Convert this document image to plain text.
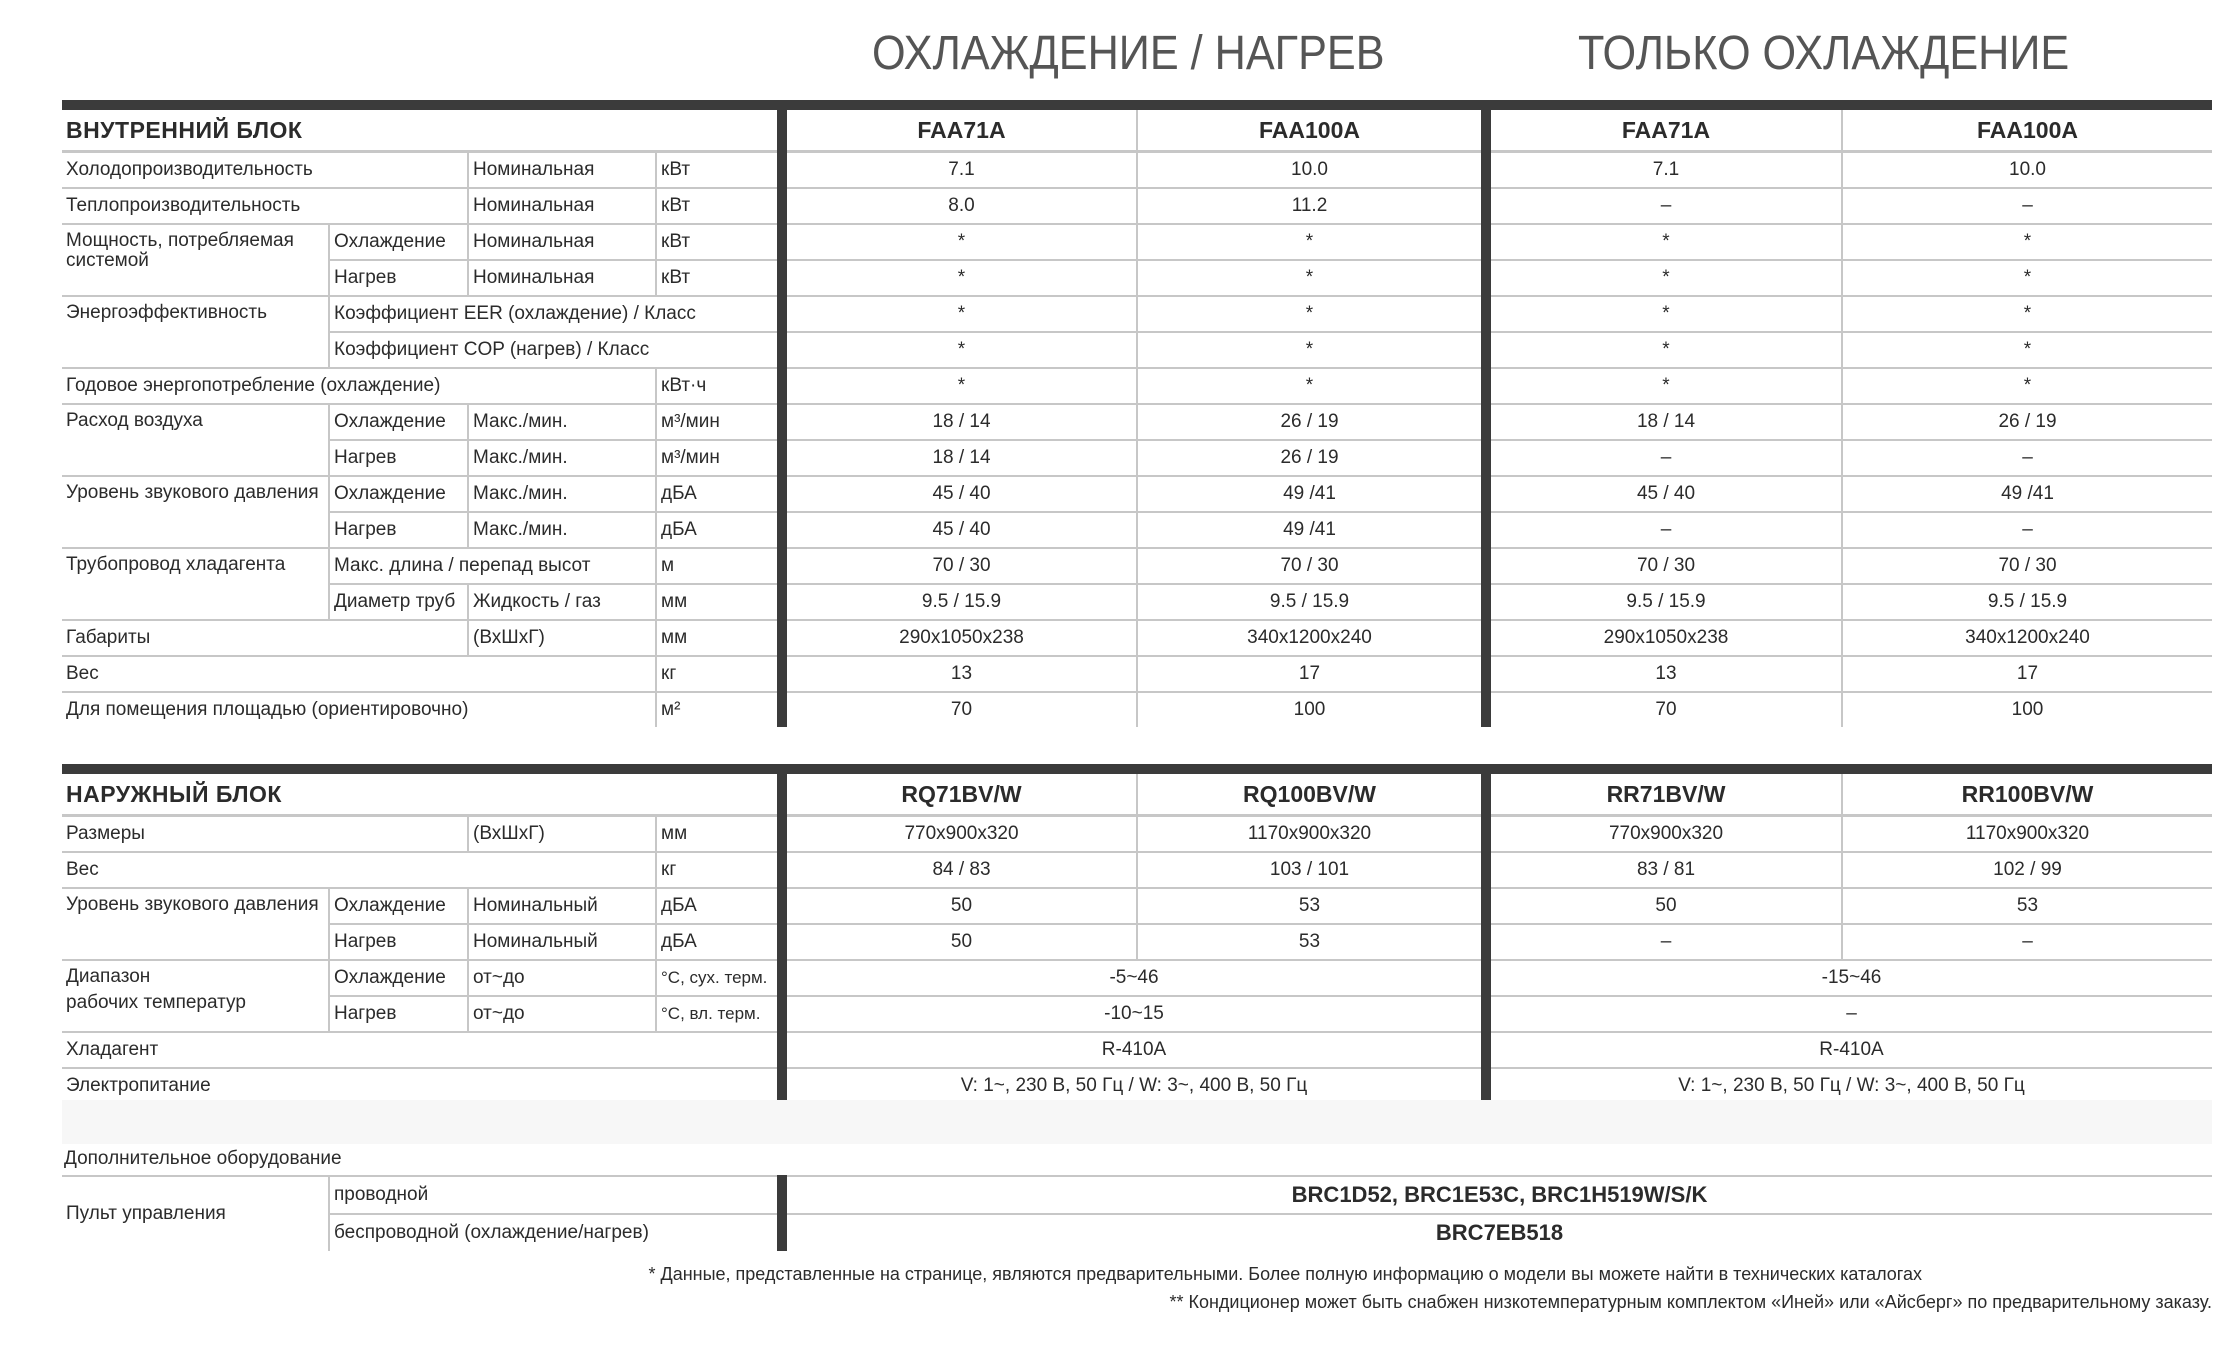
ОХЛАЖДЕНИЕ / НАГРЕВ	ТОЛЬКО ОХЛАЖДЕНИЕ

ВНУТРЕННИЙ БЛОК				FAA71A	FAA100A	FAA71A	FAA100A
Холодопроизводительность		Номинальная	кВт	7.1	10.0	7.1	10.0
Теплопроизводительность		Номинальная	кВт	8.0	11.2	–	–
Мощность, потребляемая системой	Охлаждение	Номинальная	кВт	*	*	*	*
	Нагрев	Номинальная	кВт	*	*	*	*
Энергоэффективность	Коэффициент EER (охлаждение) / Класс			*	*	*	*
	Коэффициент COP (нагрев) / Класс			*	*	*	*
Годовое энергопотребление (охлаждение)			кВт·ч	*	*	*	*
Расход воздуха	Охлаждение	Макс./мин.	м³/мин	18 / 14	26 / 19	18 / 14	26 / 19
	Нагрев	Макс./мин.	м³/мин	18 / 14	26 / 19	–	–
Уровень звукового давления	Охлаждение	Макс./мин.	дБА	45 / 40	49 /41	45 / 40	49 /41
	Нагрев	Макс./мин.	дБА	45 / 40	49 /41	–	–
Трубопровод хладагента	Макс. длина / перепад высот		м	70 / 30	70 / 30	70 / 30	70 / 30
	Диаметр труб	Жидкость / газ	мм	9.5 / 15.9	9.5 / 15.9	9.5 / 15.9	9.5 / 15.9
Габариты		(ВхШхГ)	мм	290x1050x238	340x1200x240	290x1050x238	340x1200x240
Вес			кг	13	17	13	17
Для помещения площадью (ориентировочно)			м²	70	100	70	100

НАРУЖНЫЙ БЛОК				RQ71BV/W	RQ100BV/W	RR71BV/W	RR100BV/W
Размеры		(ВхШхГ)	мм	770x900x320	1170x900x320	770x900x320	1170x900x320
Вес			кг	84 / 83	103 / 101	83 / 81	102 / 99
Уровень звукового давления	Охлаждение	Номинальный	дБА	50	53	50	53
	Нагрев	Номинальный	дБА	50	53	–	–

Диапазон
рабочих температур	Охлаждение	от~до	°С, сух. терм.	-5~46		-15~46	
	Нагрев	от~до	°С, вл. терм.	-10~15		–	
Хладагент				R-410A		R-410A	
Электропитание				V: 1~, 230 В, 50 Гц / W: 3~, 400 В, 50 Гц		V: 1~, 230 В, 50 Гц / W: 3~, 400 В, 50 Гц	
Дополнительное оборудование

Пульт управления	проводной	BRC1D52, BRC1E53C, BRC1H519W/S/K
	беспроводной (охлаждение/нагрев)	BRC7EB518
* Данные, представленные на странице, являются предварительными. Более полную информацию о модели вы можете найти в технических каталогах
** Кондиционер может быть снабжен низкотемпературным комплектом «Иней» или «Айсберг» по предварительному заказу.
